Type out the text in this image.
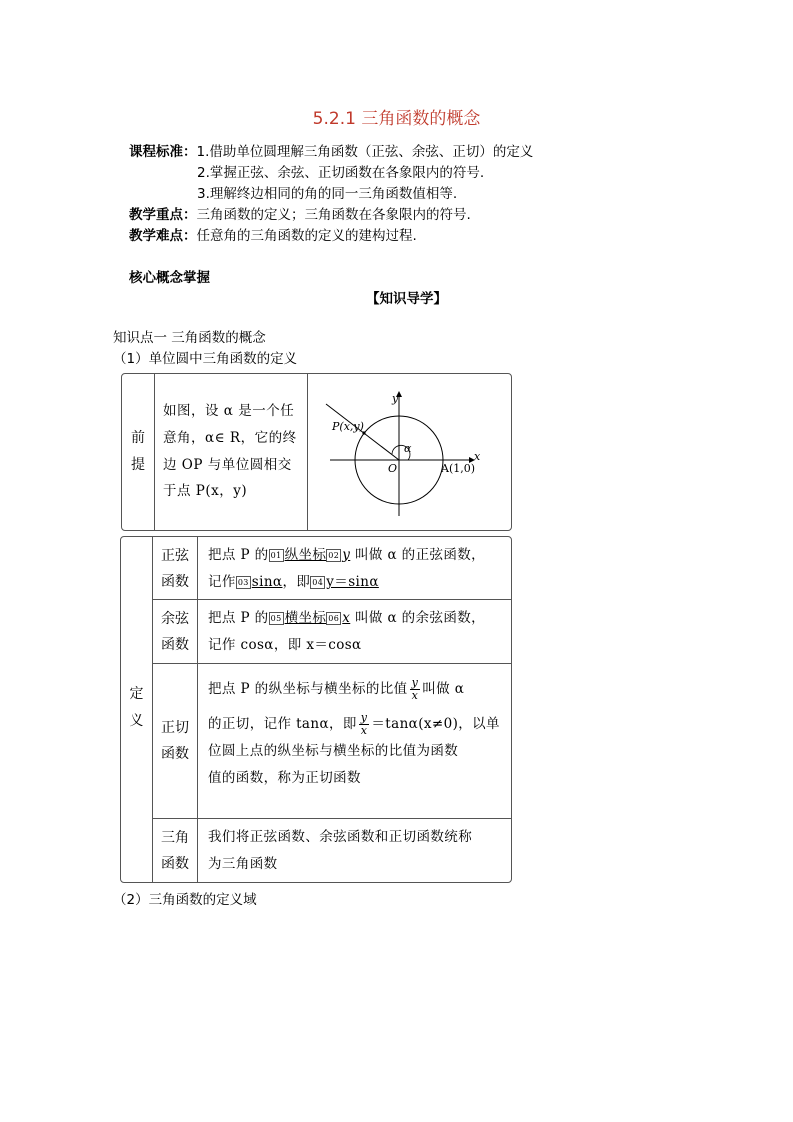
5.2.1 三角函数的概念
课程标准：1.借助单位圆理解三角函数（正弦、余弦、正切）的定义
2.掌握正弦、余弦、正切函数在各象限内的符号.
3.理解终边相同的角的同一三角函数值相等.
教学重点：三角函数的定义；三角函数在各象限内的符号.
教学难点：任意角的三角函数的定义的建构过程.
核心概念掌握
【知识导学】
知识点一 三角函数的概念
（1）单位圆中三角函数的定义
前
提
如图，设 α 是一个任
意角，α∈ R，它的终
边 OP 与单位圆相交
于点 P(x，y)
P(x,y)
y
x
O	A(1,0)
α
定
义
正弦
函数
把点 P 的 01 纵坐标 02 y 叫做 α 的正弦函数，
记作 03 sinα，即 04 y＝sinα
余弦
函数
把点 P 的 05 横坐标 06 x 叫做 α 的余弦函数，
记作 cosα，即 x＝cosα
正切
函数
把点 P 的纵坐标与横坐标的比值 $\frac{y}{x}$ 叫做 α
的正切，记作 tanα，即 $\frac{y}{x} =\tan\alpha(x\ne 0)$，以单
位圆上点的纵坐标与横坐标的比值为函数
值的函数，称为正切函数
三角
函数
我们将正弦函数、余弦函数和正切函数统称
为三角函数
（2）三角函数的定义域
